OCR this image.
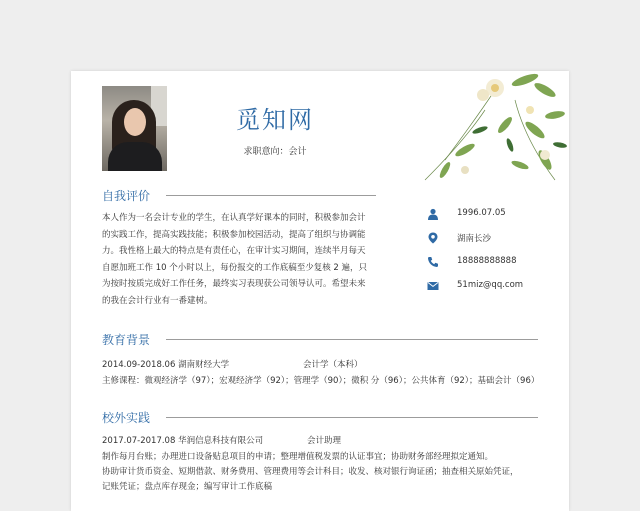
觅知网
求职意向：会计
1996.07.05
湖南长沙
18888888888
51miz@qq.com
自我评价
本人作为一名会计专业的学生，在认真学好课本的同时，积极参加会计
的实践工作，提高实践技能；积极参加校园活动，提高了组织与协调能
力。我性格上最大的特点是有责任心，在审计实习期间，连续半月每天
自愿加班工作 10 个小时以上，每份报交的工作底稿至少复核 2 遍，只
为按时按质完成好工作任务，最终实习表现获公司领导认可。希望未来
的我在会计行业有一番建树。
教育背景
2014.09-2018.06 湖南财经大学	会计学（本科）
主修课程：微观经济学（97）；宏观经济学（92）；管理学（90）；微积 分（96）；公共体育（92）；基础会计（96）
校外实践
2017.07-2017.08 华润信息科技有限公司	会计助理
制作每月台账；办理进口设备贴息项目的申请；整理增值税发票的认证事宜；协助财务部经理拟定通知。
协助审计货币资金、短期借款、财务费用、管理费用等会计科目；收发、核对银行询证函；抽查相关原始凭证，
记账凭证；盘点库存现金；编写审计工作底稿
